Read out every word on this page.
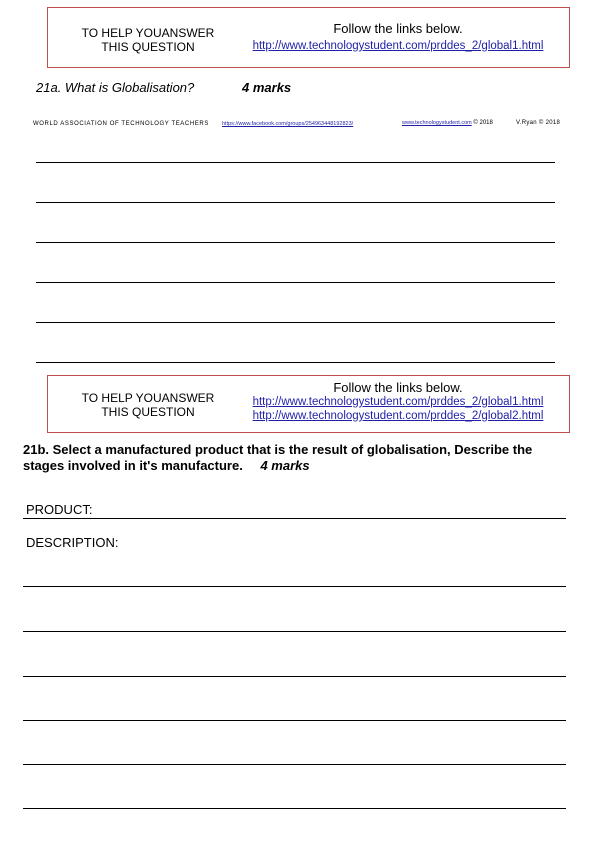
TO HELP YOUANSWER
THIS QUESTION
Follow the links below.
http://www.technologystudent.com/prddes_2/global1.html
21a. What is Globalisation?	4 marks
WORLD ASSOCIATION OF TECHNOLOGY TEACHERS https://www.facebook.com/groups/254963448192823/	www.technologystudent.com © 2018	V.Ryan © 2018
TO HELP YOUANSWER
THIS QUESTION
Follow the links below.
http://www.technologystudent.com/prddes_2/global1.html
http://www.technologystudent.com/prddes_2/global2.html
21b. Select a manufactured product that is the result of globalisation, Describe the
stages involved in it's manufacture. 4 marks
PRODUCT:
DESCRIPTION:
